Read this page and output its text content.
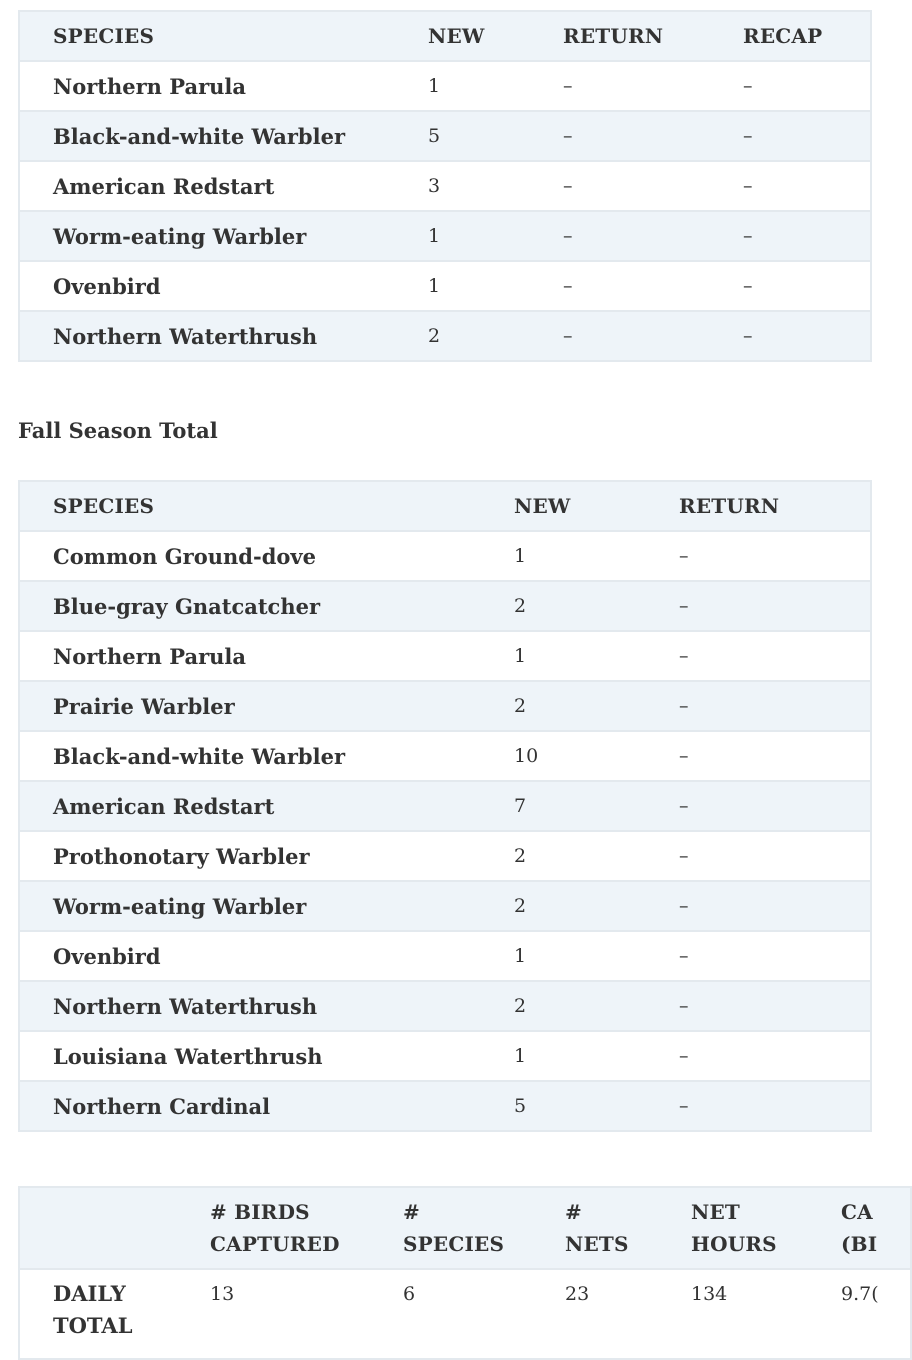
SPECIES	NEW	RETURN	RECAP
Northern Parula	1	–	–
Black-and-white Warbler	5	–	–
American Redstart	3	–	–
Worm-eating Warbler	1	–	–
Ovenbird	1	–	–
Northern Waterthrush	2	–	–
Fall Season Total
SPECIES	NEW	RETURN
Common Ground-dove	1	–
Blue-gray Gnatcatcher	2	–
Northern Parula	1	–
Prairie Warbler	2	–
Black-and-white Warbler	10	–
American Redstart	7	–
Prothonotary Warbler	2	–
Worm-eating Warbler	2	–
Ovenbird	1	–
Northern Waterthrush	2	–
Louisiana Waterthrush	1	–
Northern Cardinal	5	–
	# BIRDS CAPTURED	# SPECIES	# NETS	NET HOURS	CA (BI
DAILY TOTAL	13	6	23	134	9.7(
